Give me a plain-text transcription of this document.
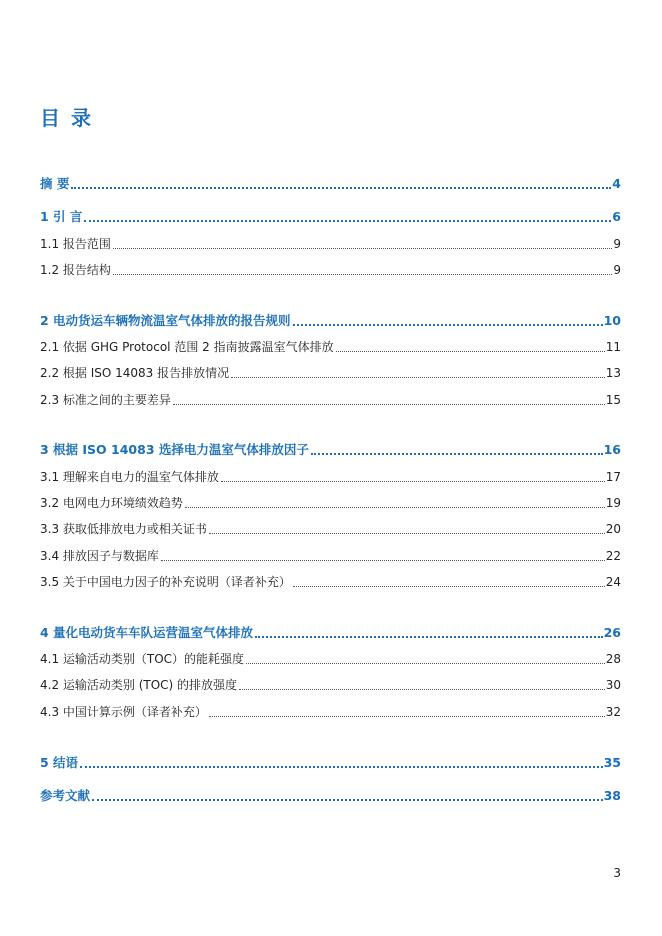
目 录
摘 要	4
1 引 言	6
1.1 报告范围	9
1.2 报告结构	9
2 电动货运车辆物流温室气体排放的报告规则	10
2.1 依据 GHG Protocol 范围 2 指南披露温室气体排放	11
2.2 根据 ISO 14083 报告排放情况	13
2.3 标准之间的主要差异	15
3 根据 ISO 14083 选择电力温室气体排放因子	16
3.1 理解来自电力的温室气体排放	17
3.2 电网电力环境绩效趋势	19
3.3 获取低排放电力或相关证书	20
3.4 排放因子与数据库	22
3.5 关于中国电力因子的补充说明（译者补充）	24
4 量化电动货车车队运营温室气体排放	26
4.1 运输活动类别（TOC）的能耗强度	28
4.2 运输活动类别 (TOC) 的排放强度	30
4.3 中国计算示例（译者补充）	32
5 结语	35
参考文献	38
3
